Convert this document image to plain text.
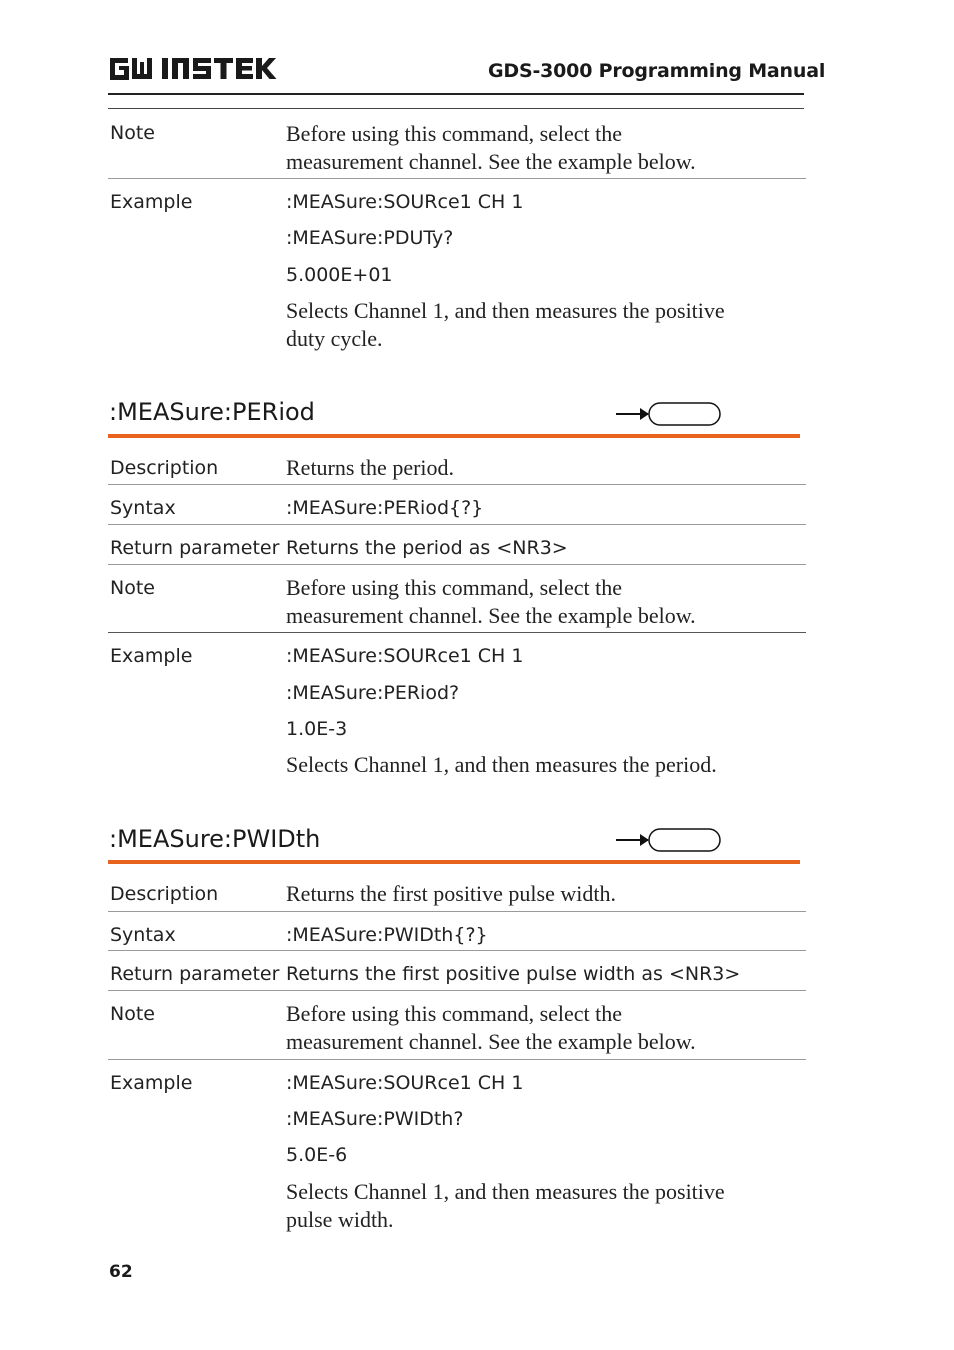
GDS-3000 Programming Manual
Note	Before using this command, select the
measurement channel. See the example below.
Example	:MEASure:SOURce1 CH 1
:MEASure:PDUTy?
5.000E+01
Selects Channel 1, and then measures the positive
duty cycle.
:MEASure:PERiod
Description	Returns the period.
Syntax	:MEASure:PERiod{?}
Return parameter Returns the period as <NR3>
Note	Before using this command, select the
measurement channel. See the example below.
Example	:MEASure:SOURce1 CH 1
:MEASure:PERiod?
1.0E-3
Selects Channel 1, and then measures the period.
:MEASure:PWIDth
Description	Returns the first positive pulse width.
Syntax	:MEASure:PWIDth{?}
Return parameter Returns the first positive pulse width as <NR3>
Note	Before using this command, select the
measurement channel. See the example below.
Example	:MEASure:SOURce1 CH 1
:MEASure:PWIDth?
5.0E-6
Selects Channel 1, and then measures the positive
pulse width.
62
